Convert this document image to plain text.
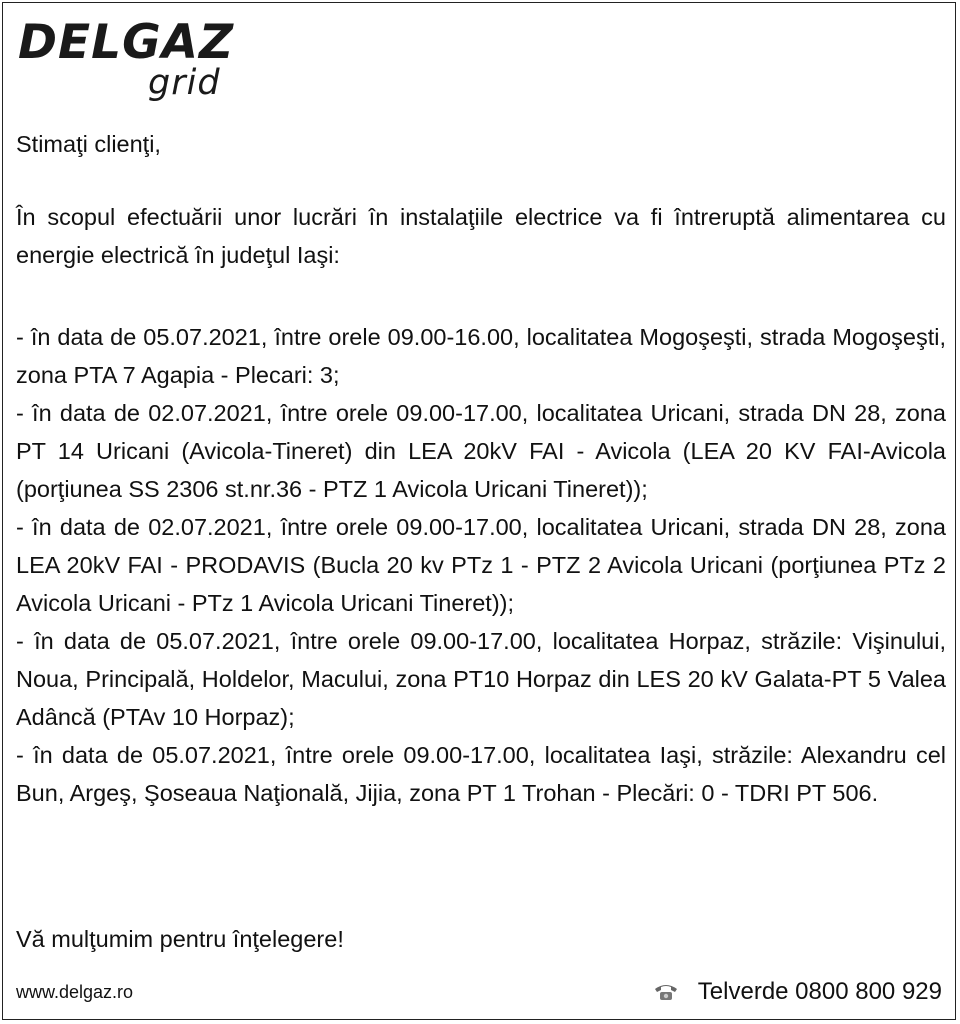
DELGAZ
grid
Stimaţi clienţi,
În scopul efectuării unor lucrări în instalaţiile electrice va fi întreruptă alimentarea cu energie electrică în judeţul Iaşi:
- în data de 05.07.2021, între orele 09.00-16.00, localitatea Mogoşeşti, strada Mogoşeşti, zona PTA 7 Agapia - Plecari: 3;
- în data de 02.07.2021, între orele 09.00-17.00, localitatea Uricani, strada DN 28, zona PT 14 Uricani (Avicola-Tineret) din LEA 20kV FAI - Avicola (LEA 20 KV FAI-Avicola (porţiunea SS 2306 st.nr.36 - PTZ 1 Avicola Uricani Tineret));
- în data de 02.07.2021, între orele 09.00-17.00, localitatea Uricani, strada DN 28, zona LEA 20kV FAI - PRODAVIS (Bucla 20 kv PTz 1 - PTZ 2 Avicola Uricani (porţiunea PTz 2 Avicola Uricani - PTz 1 Avicola Uricani Tineret));
- în data de 05.07.2021, între orele 09.00-17.00, localitatea Horpaz, străzile: Vişinului, Noua, Principală, Holdelor, Macului, zona PT10 Horpaz din LES 20 kV Galata-PT 5 Valea Adâncă (PTAv 10 Horpaz);
- în data de 05.07.2021, între orele 09.00-17.00, localitatea Iaşi, străzile: Alexandru cel Bun, Argeş, Şoseaua Naţională, Jijia, zona PT 1 Trohan - Plecări: 0 - TDRI PT 506.
Vă mulţumim pentru înţelegere!
www.delgaz.ro	Telverde 0800 800 929
